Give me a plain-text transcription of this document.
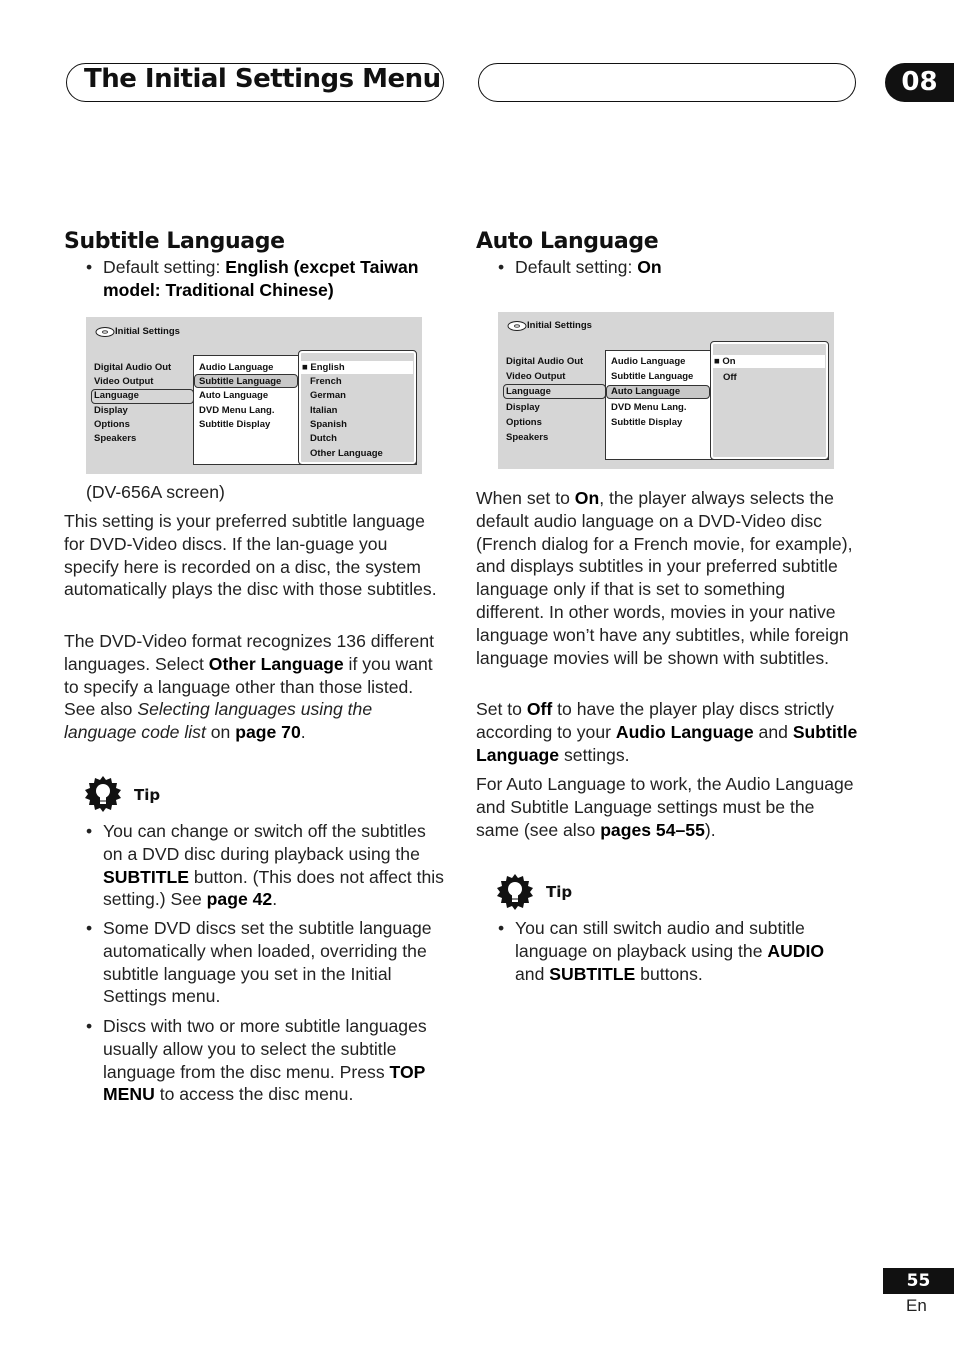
The Initial Settings Menu	08
Subtitle Language
• Default setting: English (excpet Taiwan model: Traditional Chinese)
Initial Settings
Digital Audio Out
Video Output
Language
Display
Options
Speakers
Audio Language
Subtitle Language
Auto Language
DVD Menu Lang.
Subtitle Display
■ English
French
German
Italian
Spanish
Dutch
Other Language
(DV-656A screen)

This setting is your preferred subtitle language for DVD-Video discs. If the lan-guage you specify here is recorded on a disc, the system automatically plays the disc with those subtitles.

The DVD-Video format recognizes 136 different languages. Select Other Language if you want to specify a language other than those listed. See also Selecting languages using the language code list on page 70.

Tip
• You can change or switch off the subtitles on a DVD disc during playback using the SUBTITLE button. (This does not affect this setting.) See page 42.
• Some DVD discs set the subtitle language automatically when loaded, overriding the subtitle language you set in the Initial Settings menu.
• Discs with two or more subtitle languages usually allow you to select the subtitle language from the disc menu. Press TOP MENU to access the disc menu.
Auto Language
• Default setting: On
Initial Settings
Digital Audio Out
Video Output
Language
Display
Options
Speakers
Audio Language
Subtitle Language
Auto Language
DVD Menu Lang.
Subtitle Display
■ On
Off

When set to On, the player always selects the default audio language on a DVD-Video disc (French dialog for a French movie, for example), and displays subtitles in your preferred subtitle language only if that is set to something different. In other words, movies in your native language won’t have any subtitles, while foreign language movies will be shown with subtitles.

Set to Off to have the player play discs strictly according to your Audio Language and Subtitle Language settings.

For Auto Language to work, the Audio Language and Subtitle Language settings must be the same (see also pages 54–55).

Tip
• You can still switch audio and subtitle language on playback using the AUDIO and SUBTITLE buttons.
55
En
